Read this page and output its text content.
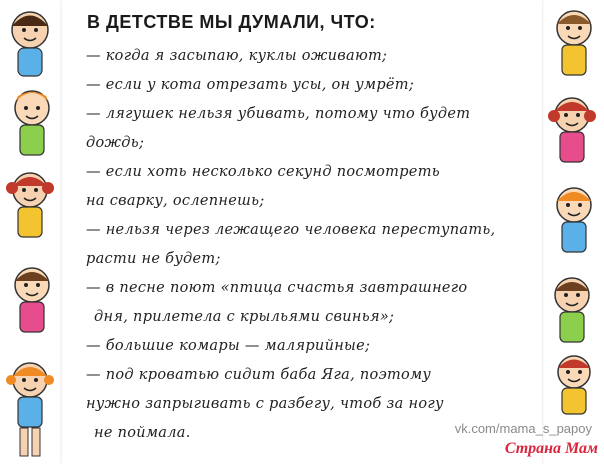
В ДЕТСТВЕ МЫ ДУМАЛИ, ЧТО:
— когда я засыпаю, куклы оживают;
— если у кота отрезать усы, он умрёт;
— лягушек нельзя убивать, потому что будет
дождь;
— если хоть несколько секунд посмотреть
на сварку, ослепнешь;
— нельзя через лежащего человека переступать,
расти не будет;
— в песне поют «птица счастья завтрашнего
дня, прилетела с крыльями свинья»;
— большие комары — малярийные;
— под кроватью сидит баба Яга, поэтому
нужно запрыгивать с разбегу, чтоб за ногу
не поймала.	vk.com/mama_s_papoy
Страна Мам
